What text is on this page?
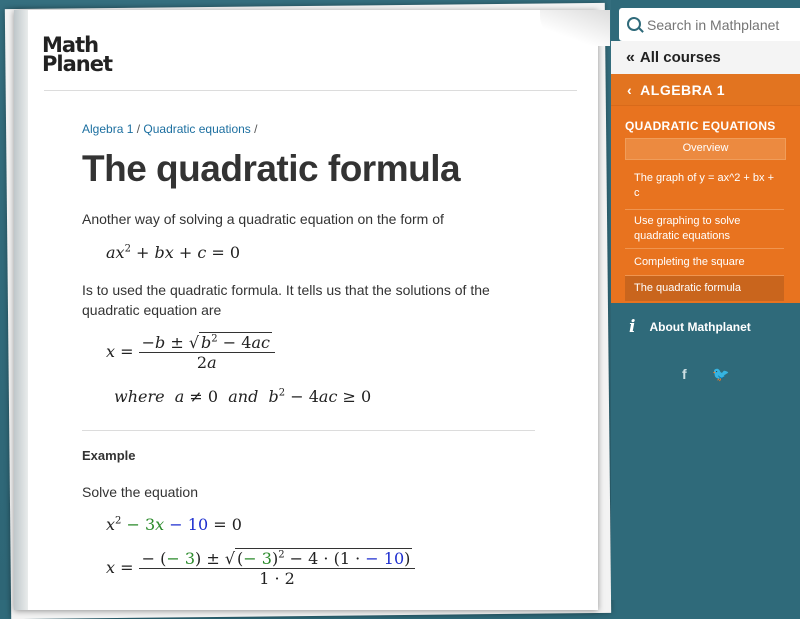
Math
Planet
Algebra 1 / Quadratic equations /
The quadratic formula
Another way of solving a quadratic equation on the form of
$ax^2$ + bx + c = 0
Is to used the quadratic formula. It tells us that the solutions of the quadratic equation are
$x = \frac{-b \pm √ b^2 - 4ac}{2a}$
where  a ≠ 0 and  $b^2 - 4ac \ge 0$
Example
Solve the equation
$x^2 - 3x - 10 = 0$
$x = \frac{- (- 3) \pm √ (- 3)^2 - 4 \cdot (1 \cdot - 10)}{1 \cdot 2}$
Search in Mathplanet
« All courses
‹ ALGEBRA 1
QUADRATIC EQUATIONS
Overview
The graph of y = ax^2 + bx + c
Use graphing to solve quadratic equations
Completing the square
The quadratic formula
i About Mathplanet
f 🐦
